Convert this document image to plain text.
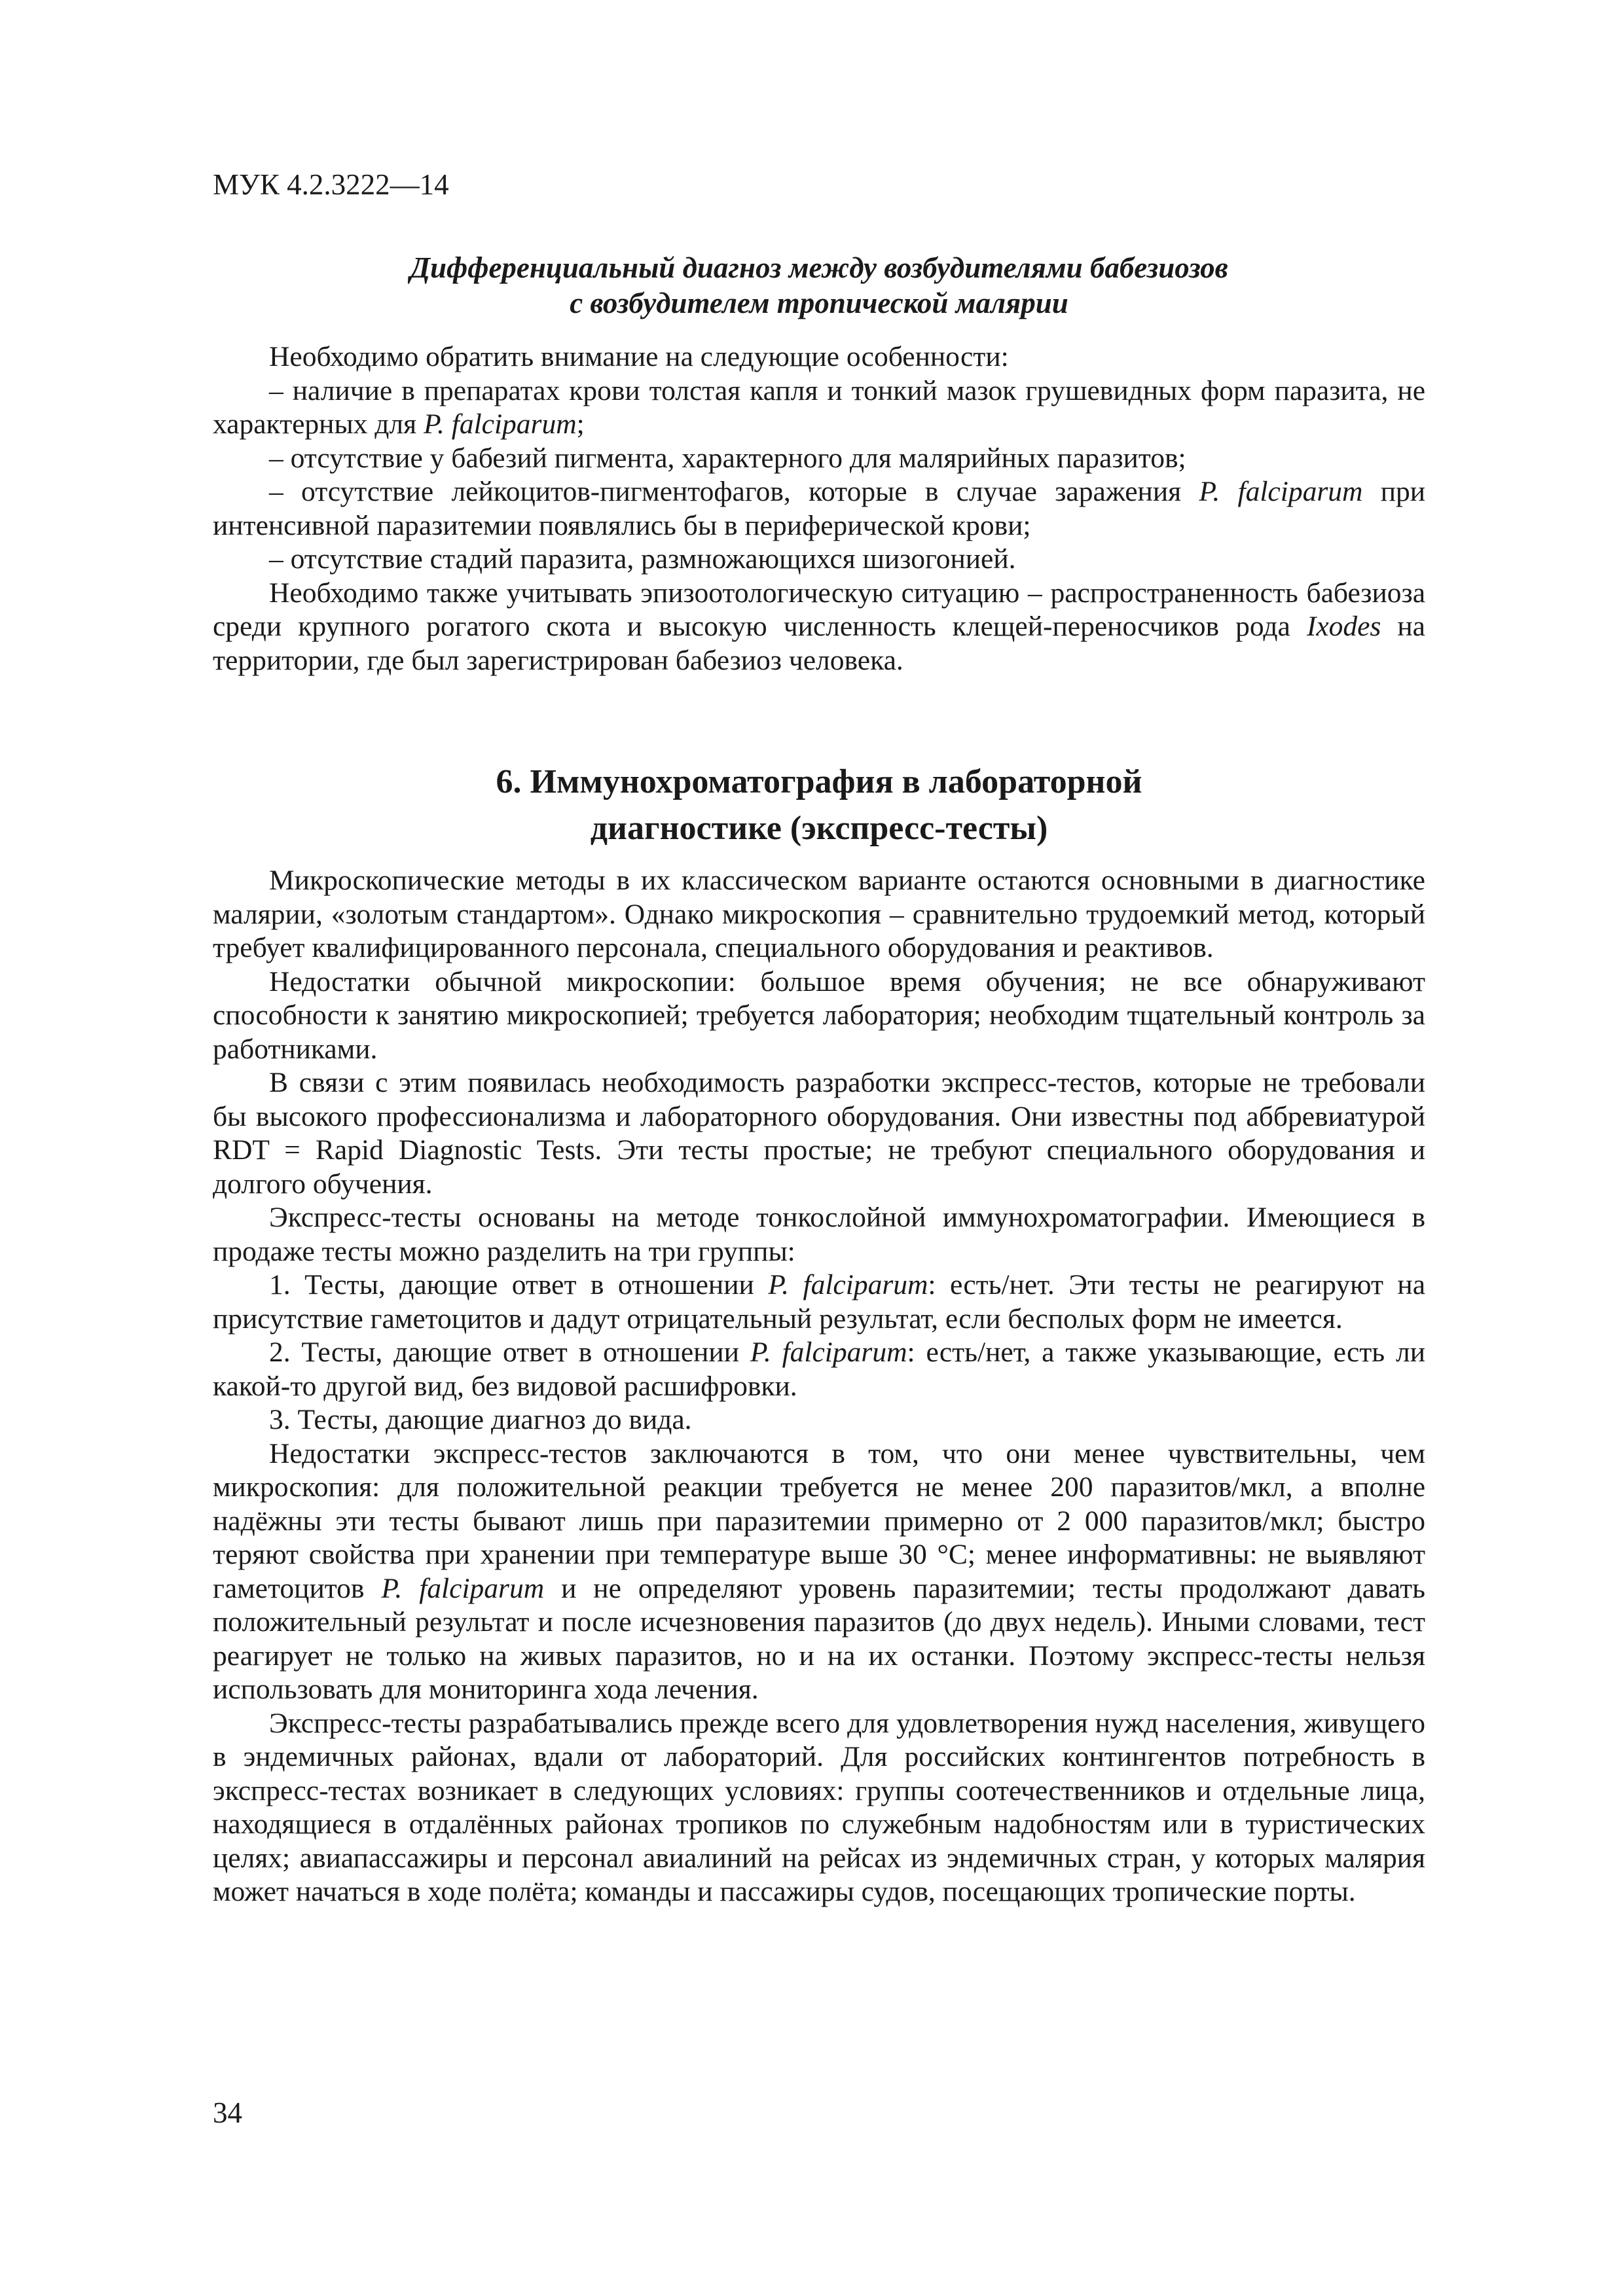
МУК 4.2.3222—14
Дифференциальный диагноз между возбудителями бабезиозов
с возбудителем тропической малярии

Необходимо обратить внимание на следующие особенности:

– наличие в препаратах крови толстая капля и тонкий мазок грушевидных форм паразита, не характерных для P. falciparum;

– отсутствие у бабезий пигмента, характерного для малярийных паразитов;

– отсутствие лейкоцитов-пигментофагов, которые в случае заражения P. falciparum при интенсивной паразитемии появлялись бы в периферической крови;

– отсутствие стадий паразита, размножающихся шизогонией.

Необходимо также учитывать эпизоотологическую ситуацию – распространенность бабезиоза среди крупного рогатого скота и высокую численность клещей-переносчиков рода Ixodes на территории, где был зарегистрирован бабезиоз человека.

6. Иммунохроматография в лабораторной
диагностике (экспресс-тесты)

Микроскопические методы в их классическом варианте остаются основными в диагностике малярии, «золотым стандартом». Однако микроскопия – сравнительно трудоемкий метод, который требует квалифицированного персонала, специального оборудования и реактивов.

Недостатки обычной микроскопии: большое время обучения; не все обнаруживают способности к занятию микроскопией; требуется лаборатория; необходим тщательный контроль за работниками.

В связи с этим появилась необходимость разработки экспресс-тестов, которые не требовали бы высокого профессионализма и лабораторного оборудования. Они известны под аббревиатурой RDT = Rapid Diagnostic Tests. Эти тесты простые; не требуют специального оборудования и долгого обучения.

Экспресс-тесты основаны на методе тонкослойной иммунохроматографии. Имеющиеся в продаже тесты можно разделить на три группы:

1. Тесты, дающие ответ в отношении P. falciparum: есть/нет. Эти тесты не реагируют на присутствие гаметоцитов и дадут отрицательный результат, если бесполых форм не имеется.

2. Тесты, дающие ответ в отношении P. falciparum: есть/нет, а также указывающие, есть ли какой-то другой вид, без видовой расшифровки.

3. Тесты, дающие диагноз до вида.

Недостатки экспресс-тестов заключаются в том, что они менее чувствительны, чем микроскопия: для положительной реакции требуется не менее 200 паразитов/мкл, а вполне надёжны эти тесты бывают лишь при паразитемии примерно от 2 000 паразитов/мкл; быстро теряют свойства при хранении при температуре выше 30 °С; менее информативны: не выявляют гаметоцитов P. falciparum и не определяют уровень паразитемии; тесты продолжают давать положительный результат и после исчезновения паразитов (до двух недель). Иными словами, тест реагирует не только на живых паразитов, но и на их останки. Поэтому экспресс-тесты нельзя использовать для мониторинга хода лечения.

Экспресс-тесты разрабатывались прежде всего для удовлетворения нужд населения, живущего в эндемичных районах, вдали от лабораторий. Для российских контингентов потребность в экспресс-тестах возникает в следующих условиях: группы соотечественников и отдельные лица, находящиеся в отдалённых районах тропиков по служебным надобностям или в туристических целях; авиапассажиры и персонал авиалиний на рейсах из эндемичных стран, у которых малярия может начаться в ходе полёта; команды и пассажиры судов, посещающих тропические порты.

34
